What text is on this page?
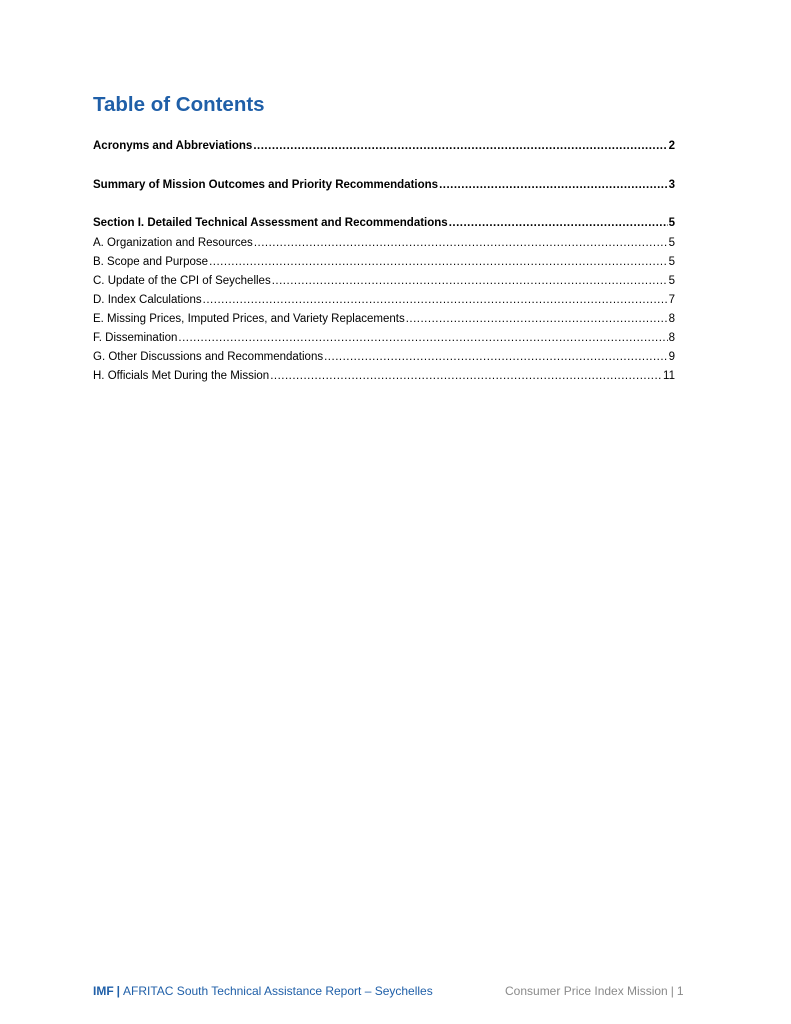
Table of Contents
Acronyms and Abbreviations .....	2
Summary of Mission Outcomes and Priority Recommendations .....	3
Section I. Detailed Technical Assessment and Recommendations .....	5
A. Organization and Resources .....	5
B. Scope and Purpose .....	5
C. Update of the CPI of Seychelles .....	5
D. Index Calculations .....	7
E. Missing Prices, Imputed Prices, and Variety Replacements .....	8
F. Dissemination .....	8
G. Other Discussions and Recommendations .....	9
H. Officials Met During the Mission .....	11
IMF | AFRITAC South Technical Assistance Report – Seychelles	Consumer Price Index Mission | 1
